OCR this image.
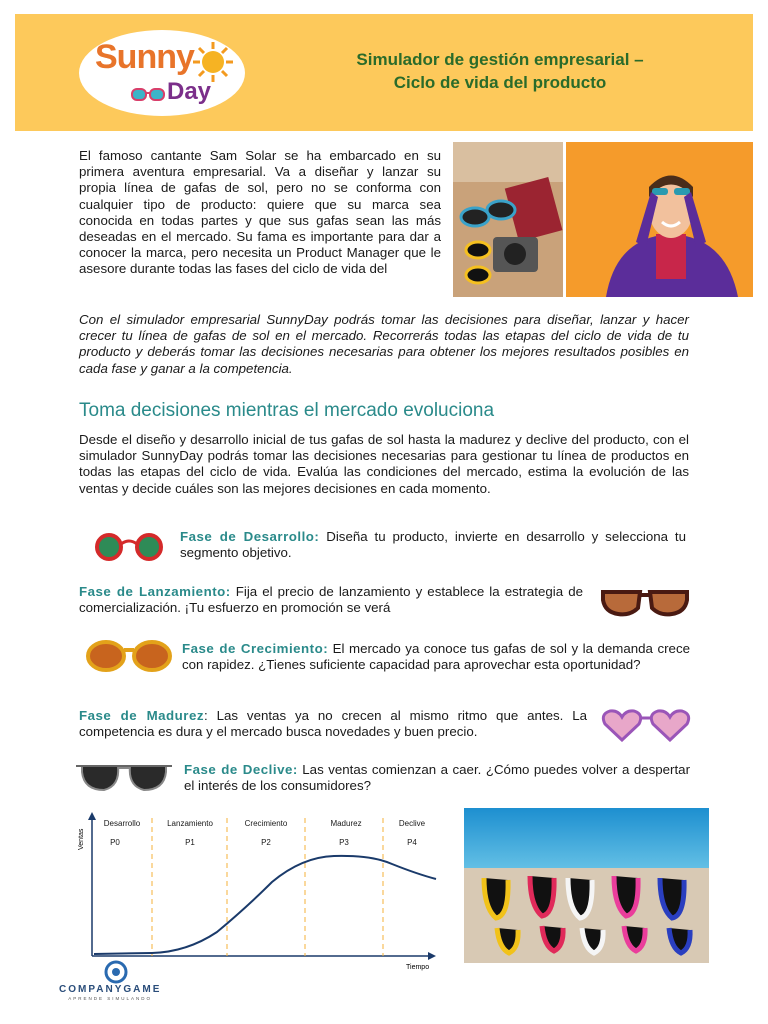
Sunny
Day
Simulador de gestión empresarial –
Ciclo de vida del producto

El famoso cantante Sam Solar se ha embarcado en su primera aventura empresarial. Va a diseñar y lanzar su propia línea de gafas de sol, pero no se conforma con cualquier tipo de producto: quiere que su marca sea conocida en todas partes y que sus gafas sean las más deseadas en el mercado. Su fama es importante para dar a conocer la marca, pero necesita un Product Manager que le asesore durante todas las fases del ciclo de vida del

Con el simulador empresarial SunnyDay podrás tomar las decisiones para diseñar, lanzar y hacer crecer tu línea de gafas de sol en el mercado. Recorrerás todas las etapas del ciclo de vida de tu producto y deberás tomar las decisiones necesarias para obtener los mejores resultados posibles en cada fase y ganar a la competencia.

Toma decisiones mientras el mercado evoluciona

Desde el diseño y desarrollo inicial de tus gafas de sol hasta la madurez y declive del producto, con el simulador SunnyDay podrás tomar las decisiones necesarias para gestionar tu línea de productos en todas las etapas del ciclo de vida. Evalúa las condiciones del mercado, estima la evolución de las ventas y decide cuáles son las mejores decisiones en cada momento.

Fase de Desarrollo: Diseña tu producto, invierte en desarrollo y selecciona tu segmento objetivo.
Fase de Lanzamiento: Fija el precio de lanzamiento y establece la estrategia de comercialización. ¡Tu esfuerzo en promoción se verá
Fase de Crecimiento: El mercado ya conoce tus gafas de sol y la demanda crece con rapidez. ¿Tienes suficiente capacidad para aprovechar esta oportunidad?
Fase de Madurez: Las ventas ya no crecen al mismo ritmo que antes. La competencia es dura y el mercado busca novedades y buen precio.
Fase de Declive: Las ventas comienzan a caer. ¿Cómo puedes volver a despertar el interés de los consumidores?
Ventas
Desarrollo
P0
Lanzamiento
P1
Crecimiento
P2
Madurez
P3
Declive
P4
Tiempo
COMPANYGAME
APRENDE SIMULANDO
